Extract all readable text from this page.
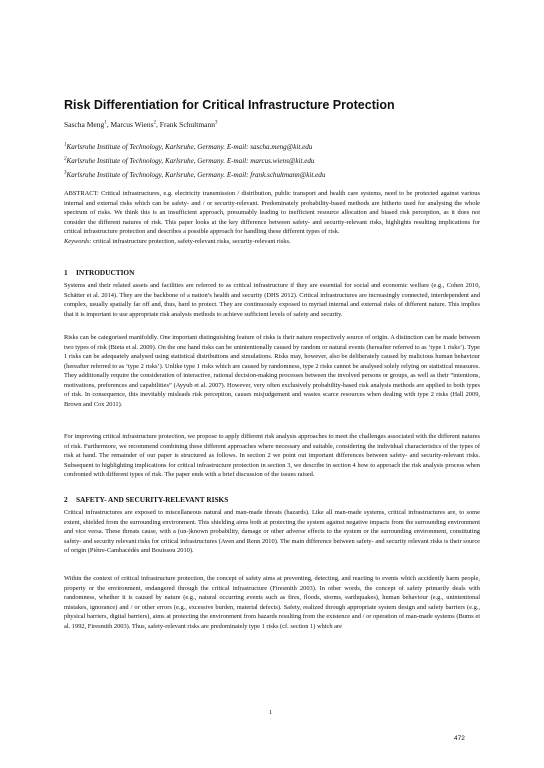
Risk Differentiation for Critical Infrastructure Protection
Sascha Meng$^1$, Marcus Wiens$^2$, Frank Schultmann$^3$
$^1$Karlsruhe Institute of Technology, Karlsruhe, Germany. E-mail: sascha.meng@kit.edu
$^2$Karlsruhe Institute of Technology, Karlsruhe, Germany. E-mail: marcus.wiens@kit.edu
$^3$Karlsruhe Institute of Technology, Karlsruhe, Germany. E-mail: frank.schultmann@kit.edu

ABSTRACT: Critical infrastructures, e.g. electricity transmission / distribution, public transport and health care systems, need to be protected against various internal and external risks which can be safety- and / or security-relevant. Predominately probability-based methods are hitherto used for analysing the whole spectrum of risks. We think this is an insufficient approach, presumably leading to inefficient resource allocation and biased risk perception, as it does not consider the different natures of risk. This paper looks at the key difference between safety- and security-relevant risks, highlights resulting implications for critical infrastructure protection and describes a possible approach for handling these different types of risk.

Keywords: critical infrastructure protection, safety-relevant risks, security-relevant risks.
1 INTRODUCTION

Systems and their related assets and facilities are referred to as critical infrastructure if they are essential for social and economic welfare (e.g., Cohen 2010, Schätter et al. 2014). They are the backbone of a nation’s health and security (DHS 2012). Critical infrastructures are increasingly connected, interdependent and complex, usually spatially far off and, thus, hard to protect. They are continuously exposed to myriad internal and external risks of different nature. This implies that it is important to use appropriate risk analysis methods to achieve sufficient levels of safety and security.

Risks can be categorised manifoldly. One important distinguishing feature of risks is their nature respectively source of origin. A distinction can be made between two types of risk (Bieta et al. 2009). On the one hand risks can be unintentionally caused by random or natural events (hereafter referred to as ‘type 1 risks’). Type 1 risks can be adequately analysed using statistical distributions and simulations. Risks may, however, also be deliberately caused by malicious human behaviour (hereafter referred to as ‘type 2 risks’). Unlike type 1 risks which are caused by randomness, type 2 risks cannot be analysed solely relying on statistical measures. They additionally require the consideration of interactive, rational decision-making processes between the involved persons or groups, as well as their “intentions, motivations, preferences and capabilities” (Ayyub et al. 2007). However, very often exclusively probability-based risk analysis methods are applied to both types of risk. In consequence, this inevitably misleads risk perception, causes misjudgement and wastes scarce resources when dealing with type 2 risks (Hall 2009, Brown and Cox 2011).

For improving critical infrastructure protection, we propose to apply different risk analysis approaches to meet the challenges associated with the different natures of risk. Furthermore, we recommend combining these different approaches where necessary and suitable, considering the individual characteristics of the types of risk at hand. The remainder of our paper is structured as follows. In section 2 we point out important differences between safety- and security-relevant risks. Subsequent to highlighting implications for critical infrastructure protection in section 3, we describe in section 4 how to approach the risk analysis process when confronted with different types of risk. The paper ends with a brief discussion of the issues raised.

2 SAFETY- AND SECURITY-RELEVANT RISKS

Critical infrastructures are exposed to miscellaneous natural and man-made threats (hazards). Like all man-made systems, critical infrastructures are, to some extent, shielded from the surrounding environment. This shielding aims both at protecting the system against negative impacts from the surrounding environment and vice versa. These threats cause, with a (un-)known probability, damage or other adverse effects to the system or the surrounding environment, constituting safety- and security relevant risks for critical infrastructures (Aven and Renn 2010). The main difference between safety- and security relevant risks is their source of origin (Piètre-Cambacédès and Bouissou 2010).

Within the context of critical infrastructure protection, the concept of safety aims at preventing, detecting, and reacting to events which accidently harm people, property or the environment, endangered through the critical infrastructure (Firesmith 2003). In other words, the concept of safety primarily deals with randomness, whether it is caused by nature (e.g., natural occurring events such as fires, floods, storms, earthquakes), human behaviour (e.g., unintentional mistakes, ignorance) and / or other errors (e.g., excessive burden, material defects). Safety, realized through appropriate system design and safety barriers (e.g., physical barriers, digital barriers), aims at protecting the environment from hazards resulting from the existence and / or operation of man-made systems (Burns et al. 1992, Firesmith 2003). Thus, safety-relevant risks are predominately type 1 risks (cf. section 1) which are

1
472
